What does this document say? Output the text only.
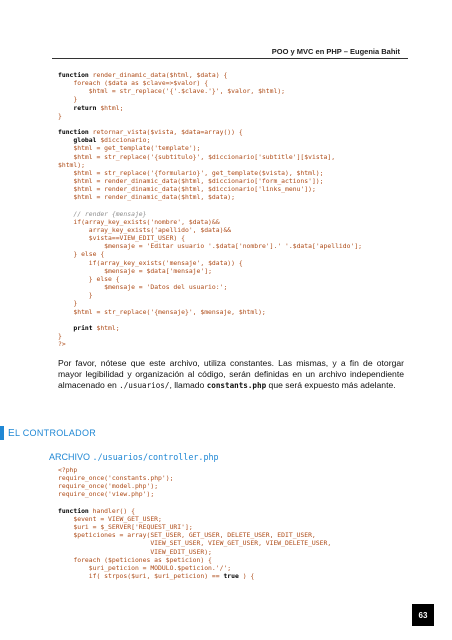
POO y MVC en PHP – Eugenia Bahit
function render_dinamic_data($html, $data) {
foreach ($data as $clave=>$valor) {
$html = str_replace('{'.$clave.'}', $valor, $html);
}
return $html;
}

function retornar_vista($vista, $data=array()) {
global $diccionario;
$html = get_template('template');
$html = str_replace('{subtitulo}', $diccionario['subtitle'][$vista],
$html);
$html = str_replace('{formulario}', get_template($vista), $html);
$html = render_dinamic_data($html, $diccionario['form_actions']);
$html = render_dinamic_data($html, $diccionario['links_menu']);
$html = render_dinamic_data($html, $data);

// render {mensaje}
if(array_key_exists('nombre', $data)&&
array_key_exists('apellido', $data)&&
$vista==VIEW_EDIT_USER) {
$mensaje = 'Editar usuario '.$data['nombre'].' '.$data['apellido'];
} else {
if(array_key_exists('mensaje', $data)) {
$mensaje = $data['mensaje'];
} else {
$mensaje = 'Datos del usuario:';
}
}
$html = str_replace('{mensaje}', $mensaje, $html);

print $html;
}
?>

Por favor, nótese que este archivo, utiliza constantes. Las mismas, y a fin de otorgar mayor legibilidad y organización al código, serán definidas en un archivo independiente almacenado en ./usuarios/, llamado constants.php que será expuesto más adelante.

EL CONTROLADOR
ARCHIVO ./usuarios/controller.php
<?php
require_once('constants.php');
require_once('model.php');
require_once('view.php');

function handler() {
$event = VIEW_GET_USER;
$uri = $_SERVER['REQUEST_URI'];
$peticiones = array(SET_USER, GET_USER, DELETE_USER, EDIT_USER,
VIEW_SET_USER, VIEW_GET_USER, VIEW_DELETE_USER,
VIEW_EDIT_USER);
foreach ($peticiones as $peticion) {
$uri_peticion = MODULO.$peticion.'/';
if( strpos($uri, $uri_peticion) == true ) {

63
